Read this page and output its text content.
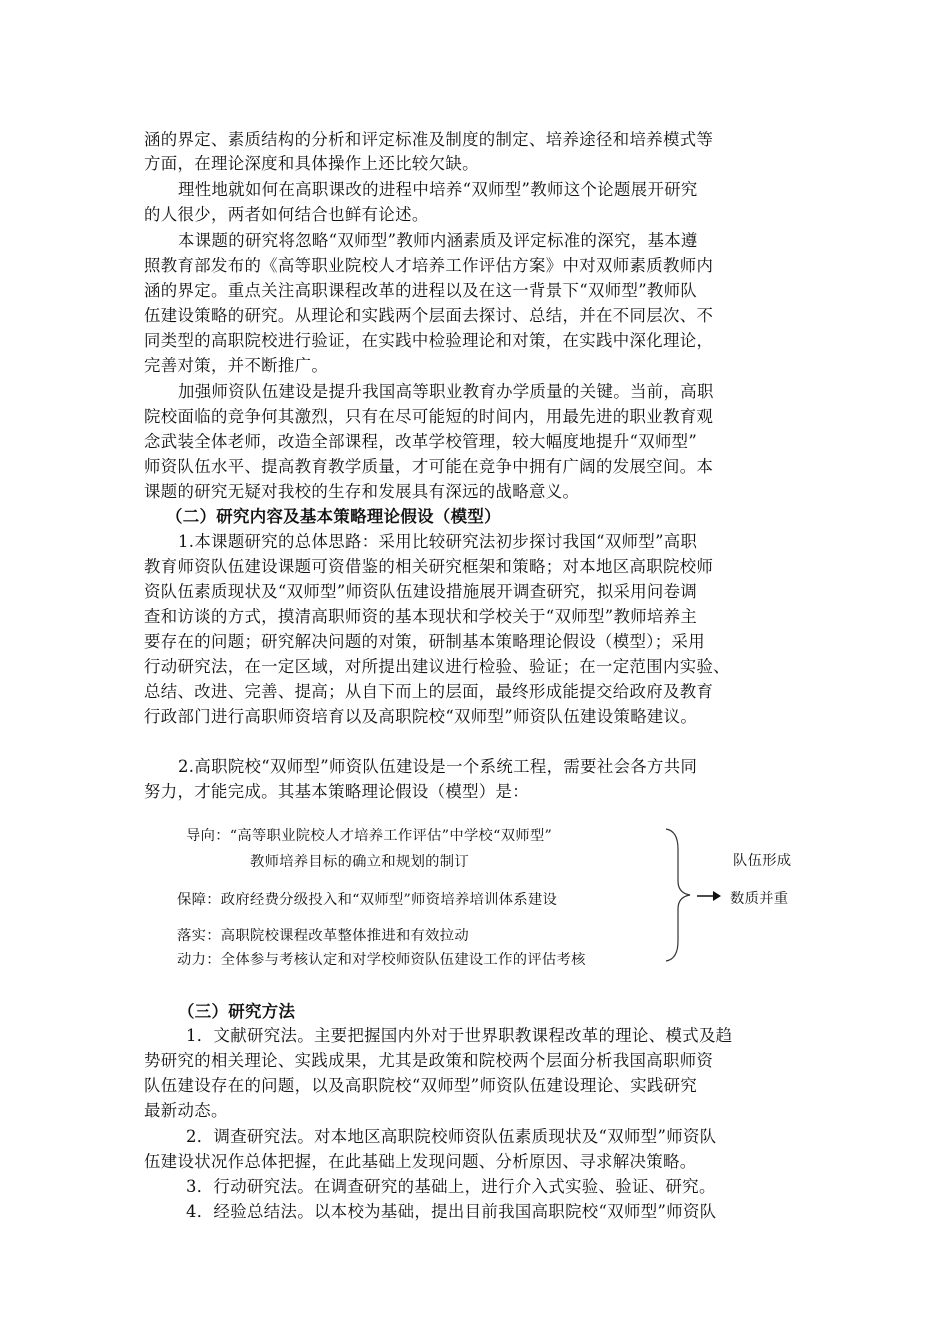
涵的界定、素质结构的分析和评定标准及制度的制定、培养途径和培养模式等
方面，在理论深度和具体操作上还比较欠缺。
理性地就如何在高职课改的进程中培养“双师型”教师这个论题展开研究
的人很少，两者如何结合也鲜有论述。
本课题的研究将忽略“双师型”教师内涵素质及评定标准的深究，基本遵
照教育部发布的《高等职业院校人才培养工作评估方案》中对双师素质教师内
涵的界定。重点关注高职课程改革的进程以及在这一背景下“双师型”教师队
伍建设策略的研究。从理论和实践两个层面去探讨、总结，并在不同层次、不
同类型的高职院校进行验证，在实践中检验理论和对策，在实践中深化理论，
完善对策，并不断推广。
加强师资队伍建设是提升我国高等职业教育办学质量的关键。当前，高职
院校面临的竞争何其激烈，只有在尽可能短的时间内，用最先进的职业教育观
念武装全体老师，改造全部课程，改革学校管理，较大幅度地提升“双师型”
师资队伍水平、提高教育教学质量，才可能在竞争中拥有广阔的发展空间。本
课题的研究无疑对我校的生存和发展具有深远的战略意义。
（二）研究内容及基本策略理论假设（模型）
1.本课题研究的总体思路：采用比较研究法初步探讨我国“双师型”高职
教育师资队伍建设课题可资借鉴的相关研究框架和策略；对本地区高职院校师
资队伍素质现状及“双师型”师资队伍建设措施展开调查研究，拟采用问卷调
查和访谈的方式，摸清高职师资的基本现状和学校关于“双师型”教师培养主
要存在的问题；研究解决问题的对策，研制基本策略理论假设（模型）；采用
行动研究法，在一定区域，对所提出建议进行检验、验证；在一定范围内实验、
总结、改进、完善、提高；从自下而上的层面，最终形成能提交给政府及教育
行政部门进行高职师资培育以及高职院校“双师型”师资队伍建设策略建议。
2.高职院校“双师型”师资队伍建设是一个系统工程，需要社会各方共同
努力，才能完成。其基本策略理论假设（模型）是：
导向：“高等职业院校人才培养工作评估”中学校“双师型”
教师培养目标的确立和规划的制订
保障：政府经费分级投入和“双师型”师资培养培训体系建设
落实：高职院校课程改革整体推进和有效拉动
动力：全体参与考核认定和对学校师资队伍建设工作的评估考核
队伍形成
数质并重
（三）研究方法
1．文献研究法。主要把握国内外对于世界职教课程改革的理论、模式及趋
势研究的相关理论、实践成果，尤其是政策和院校两个层面分析我国高职师资
队伍建设存在的问题，以及高职院校“双师型”师资队伍建设理论、实践研究
最新动态。
2．调查研究法。对本地区高职院校师资队伍素质现状及“双师型”师资队
伍建设状况作总体把握，在此基础上发现问题、分析原因、寻求解决策略。
3．行动研究法。在调查研究的基础上，进行介入式实验、验证、研究。
4．经验总结法。以本校为基础，提出目前我国高职院校“双师型”师资队
